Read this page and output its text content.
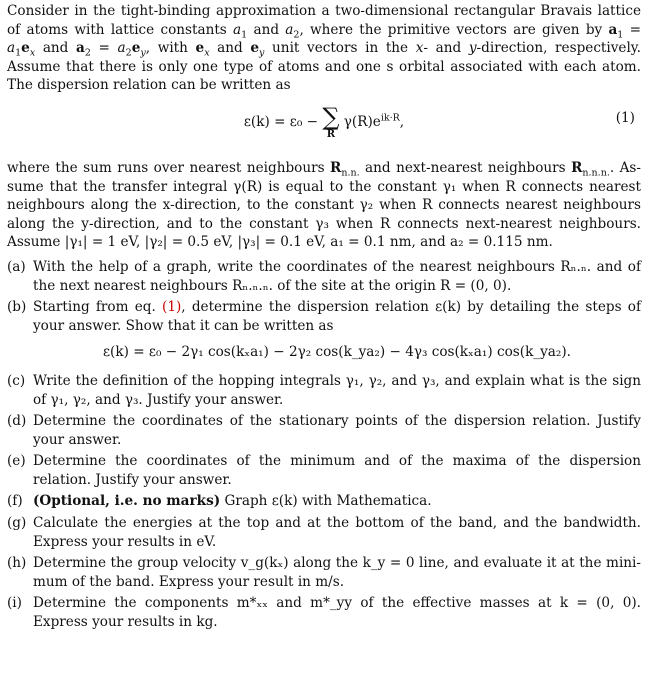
Consider in the tight-binding approximation a two-dimensional rectangular Bravais lattice of atoms with lattice constants $a_1$ and $a_2$, where the primitive vectors are given by $a_1 = a_1e_x$ and $a_2 = a_2e_y$, with $e_x$ and $e_y$ unit vectors in the x- and y-direction, respectively. Assume that there is only one type of atoms and one s orbital associated with each atom. The dispersion relation can be written as

ε(k) = ε₀ − ∑
R
$\gamma(R)e^{ik\cdot R}$,	(1)

where the sum runs over nearest neighbours $R_{n.n.}$ and next-nearest neighbours $R_{n.n.n.}$. As-sume that the transfer integral γ(R) is equal to the constant γ₁ when R connects nearest neighbours along the x-direction, to the constant γ₂ when R connects nearest neighbours along the y-direction, and to the constant γ₃ when R connects next-nearest neighbours. Assume |γ₁| = 1 eV, |γ₂| = 0.5 eV, |γ₃| = 0.1 eV, a₁ = 0.1 nm, and a₂ = 0.115 nm.

(a) With the help of a graph, write the coordinates of the nearest neighbours Rₙ.ₙ. and of the next nearest neighbours Rₙ.ₙ.ₙ. of the site at the origin R = (0, 0).
(b) Starting from eq. (1), determine the dispersion relation ε(k) by detailing the steps of your answer. Show that it can be written as
ε(k) = ε₀ − 2γ₁ cos(kₓa₁) − 2γ₂ cos(k_ya₂) − 4γ₃ cos(kₓa₁) cos(k_ya₂).
(c) Write the definition of the hopping integrals γ₁, γ₂, and γ₃, and explain what is the sign of γ₁, γ₂, and γ₃. Justify your answer.
(d) Determine the coordinates of the stationary points of the dispersion relation. Justify your answer.
(e) Determine the coordinates of the minimum and of the maxima of the dispersion relation. Justify your answer.
(f) (Optional, i.e. no marks) Graph ε(k) with Mathematica.
(g) Calculate the energies at the top and at the bottom of the band, and the bandwidth. Express your results in eV.
(h) Determine the group velocity v_g(kₓ) along the k_y = 0 line, and evaluate it at the mini-mum of the band. Express your result in m/s.
(i) Determine the components m*ₓₓ and m*_yy of the effective masses at k = (0, 0). Express your results in kg.
